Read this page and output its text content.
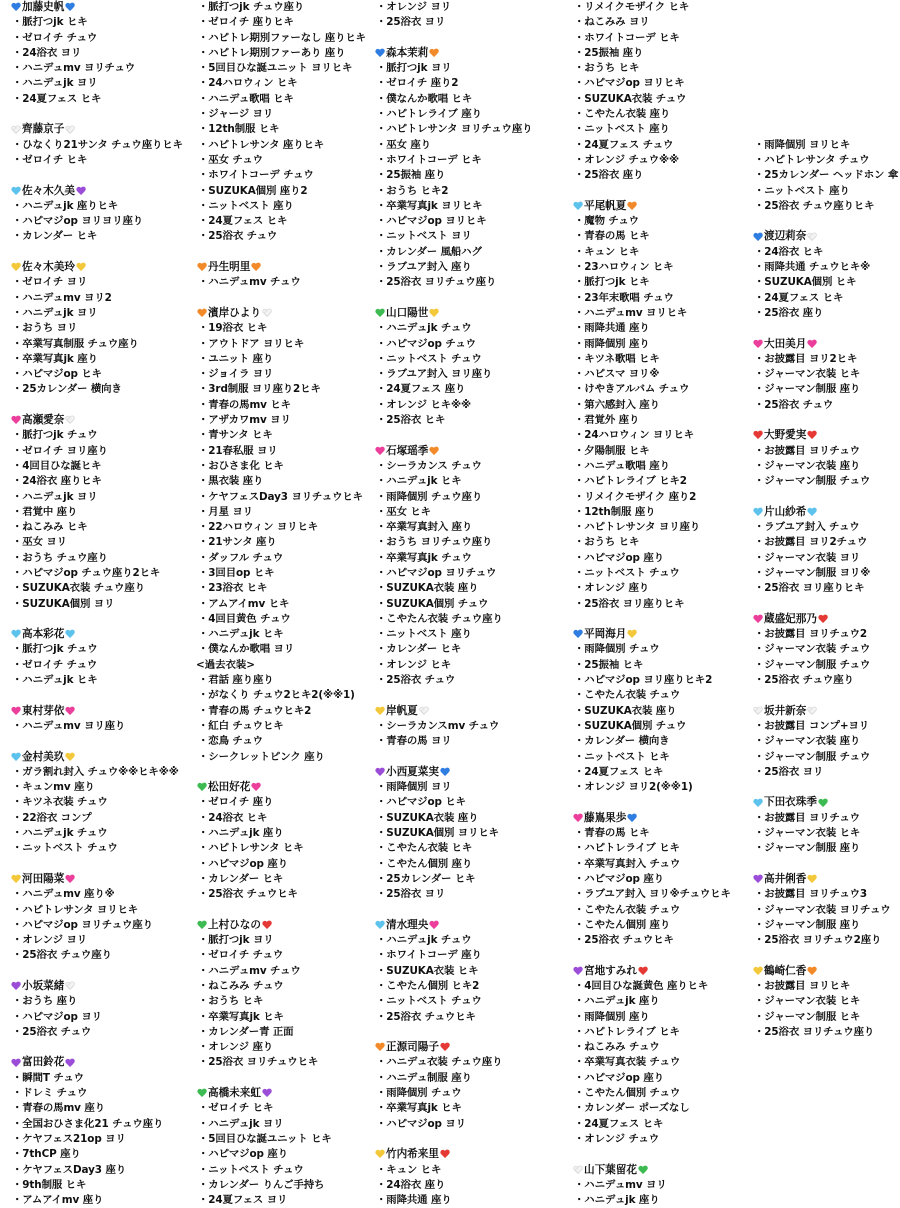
加藤史帆
・脈打つjk ヒキ
・ゼロイチ チュウ
・24浴衣 ヨリ
・ハニデュmv ヨリチュウ
・ハニデュjk ヨリ
・24夏フェス ヒキ
齊藤京子
・ひなくり21サンタ チュウ座りヒキ
・ゼロイチ ヒキ
佐々木久美
・ハニデュjk 座りヒキ
・ハピマジop ヨリヨリ座り
・カレンダー ヒキ
佐々木美玲
・ゼロイチ ヨリ
・ハニデュmv ヨリ2
・ハニデュjk ヨリ
・おうち ヨリ
・卒業写真制服 チュウ座り
・卒業写真jk 座り
・ハピマジop ヒキ
・25カレンダー 横向き
高瀬愛奈
・脈打つjk チュウ
・ゼロイチ ヨリ座り
・4回目ひな誕ヒキ
・24浴衣 座りヒキ
・ハニデュjk ヨリ
・君覚中 座り
・ねこみみ ヒキ
・巫女 ヨリ
・おうち チュウ座り
・ハピマジop チュウ座り2ヒキ
・SUZUKA衣装 チュウ座り
・SUZUKA個別 ヨリ
高本彩花
・脈打つjk チュウ
・ゼロイチ チュウ
・ハニデュjk ヒキ
東村芽依
・ハニデュmv ヨリ座り
金村美玖
・ガラ割れ封入 チュウ※※ヒキ※※
・キュンmv 座り
・キツネ衣装 チュウ
・22浴衣 コンプ
・ハニデュjk チュウ
・ニットベスト チュウ
河田陽菜
・ハニデュmv 座り※
・ハピトレサンタ ヨリヒキ
・ハピマジop ヨリチュウ座り
・オレンジ ヨリ
・25浴衣 チュウ座り
小坂菜緒
・おうち 座り
・ハピマジop ヨリ
・25浴衣 チュウ
富田鈴花
・瞬間T チュウ
・ドレミ チュウ
・青春の馬mv 座り
・全国おひさま化21 チュウ座り
・ケヤフェス21op ヨリ
・7thCP 座り
・ケヤフェスDay3 座り
・9th制服 ヒキ
・アムアイmv 座り
・脈打つjk チュウ座り
・ゼロイチ 座りヒキ
・ハピトレ期別ファーなし 座りヒキ
・ハピトレ期別ファーあり 座り
・5回目ひな誕ユニット ヨリヒキ
・24ハロウィン ヒキ
・ハニデュ歌唱 ヒキ
・ジャージ ヨリ
・12th制服 ヒキ
・ハピトレサンタ 座りヒキ
・巫女 チュウ
・ホワイトコーデ チュウ
・SUZUKA個別 座り2
・ニットベスト 座り
・24夏フェス ヒキ
・25浴衣 チュウ
丹生明里
・ハニデュmv チュウ
濱岸ひより
・19浴衣 ヒキ
・アウトドア ヨリヒキ
・ユニット 座り
・ジョイラ ヨリ
・3rd制服 ヨリ座り2ヒキ
・青春の馬mv ヒキ
・アザカワmv ヨリ
・青サンタ ヒキ
・21春私服 ヨリ
・おひさま化 ヒキ
・黒衣装 座り
・ケヤフェスDay3 ヨリチュウヒキ
・月星 ヨリ
・22ハロウィン ヨリヒキ
・21サンタ 座り
・ダッフル チュウ
・3回目op ヒキ
・23浴衣 ヒキ
・アムアイmv ヒキ
・4回目黄色 チュウ
・ハニデュjk ヒキ
・僕なんか歌唱 ヨリ
<過去衣装>
・君話 座り座り
・がなくり チュウ2ヒキ2(※※1)
・青春の馬 チュウヒキ2
・紅白 チュウヒキ
・恋鳥 チュウ
・シークレットピンク 座り
松田好花
・ゼロイチ 座り
・24浴衣 ヒキ
・ハニデュjk 座り
・ハピトレサンタ ヒキ
・ハピマジop 座り
・カレンダー ヒキ
・25浴衣 チュウヒキ
上村ひなの
・脈打つjk ヨリ
・ゼロイチ チュウ
・ハニデュmv チュウ
・ねこみみ チュウ
・おうち ヒキ
・卒業写真jk ヒキ
・カレンダー青 正面
・オレンジ 座り
・25浴衣 ヨリチュウヒキ
高橋未来虹
・ゼロイチ ヒキ
・ハニデュjk ヨリ
・5回目ひな誕ユニット ヒキ
・ハピマジop 座り
・ニットベスト チュウ
・カレンダー りんご手持ち
・24夏フェス ヨリ
・オレンジ ヨリ
・25浴衣 ヨリ
森本茉莉
・脈打つjk ヨリ
・ゼロイチ 座り2
・僕なんか歌唱 ヒキ
・ハピトレライブ 座り
・ハピトレサンタ ヨリチュウ座り
・巫女 座り
・ホワイトコーデ ヒキ
・25振袖 座り
・おうち ヒキ2
・卒業写真jk ヨリヒキ
・ハピマジop ヨリヒキ
・ニットベスト ヨリ
・カレンダー 風船ハグ
・ラブユア封入 座り
・25浴衣 ヨリチュウ座り
山口陽世
・ハニデュjk チュウ
・ハピマジop チュウ
・ニットベスト チュウ
・ラブユア封入 ヨリ座り
・24夏フェス 座り
・オレンジ ヒキ※※
・25浴衣 ヒキ
石塚瑶季
・シーラカンス チュウ
・ハニデュjk ヒキ
・雨降個別 チュウ座り
・巫女 ヒキ
・卒業写真封入 座り
・おうち ヨリチュウ座り
・卒業写真jk チュウ
・ハピマジop ヨリチュウ
・SUZUKA衣装 座り
・SUZUKA個別 チュウ
・こやたん衣装 チュウ座り
・ニットベスト 座り
・カレンダー ヒキ
・オレンジ ヒキ
・25浴衣 チュウ
岸帆夏
・シーラカンスmv チュウ
・青春の馬 ヨリ
小西夏菜実
・雨降個別 ヨリ
・ハピマジop ヒキ
・SUZUKA衣装 座り
・SUZUKA個別 ヨリヒキ
・こやたん衣装 ヒキ
・こやたん個別 座り
・25カレンダー ヒキ
・25浴衣 ヨリ
清水理央
・ハニデュjk チュウ
・ホワイトコーデ 座り
・SUZUKA衣装 ヒキ
・こやたん個別 ヒキ2
・ニットベスト チュウ
・25浴衣 チュウヒキ
正源司陽子
・ハニデュ衣装 チュウ座り
・ハニデュ制服 座り
・雨降個別 チュウ
・卒業写真jk ヒキ
・ハピマジop ヨリ
竹内希来里
・キュン ヒキ
・24浴衣 座り
・雨降共通 座り
・リメイクモザイク ヒキ
・ねこみみ ヨリ
・ホワイトコーデ ヒキ
・25振袖 座り
・おうち ヒキ
・ハピマジop ヨリヒキ
・SUZUKA衣装 チュウ
・こやたん衣装 座り
・ニットベスト 座り
・24夏フェス チュウ
・オレンジ チュウ※※
・25浴衣 座り
平尾帆夏
・魔物 チュウ
・青春の馬 ヒキ
・キュン ヒキ
・23ハロウィン ヒキ
・脈打つjk ヒキ
・23年末歌唱 チュウ
・ハニデュmv ヨリヒキ
・雨降共通 座り
・雨降個別 座り
・キツネ歌唱 ヒキ
・ハピスマ ヨリ※
・けやきアルバム チュウ
・第六感封入 座り
・君覚外 座り
・24ハロウィン ヨリヒキ
・夕陽制服 ヒキ
・ハニデュ歌唱 座り
・ハピトレライブ ヒキ2
・リメイクモザイク 座り2
・12th制服 座り
・ハピトレサンタ ヨリ座り
・おうち ヒキ
・ハピマジop 座り
・ニットベスト チュウ
・オレンジ 座り
・25浴衣 ヨリ座りヒキ
平岡海月
・雨降個別 チュウ
・25振袖 ヒキ
・ハピマジop ヨリ座りヒキ2
・こやたん衣装 チュウ
・SUZUKA衣装 座り
・SUZUKA個別 チュウ
・カレンダー 横向き
・ニットベスト ヒキ
・24夏フェス ヒキ
・オレンジ ヨリ2(※※1)
藤嶌果歩
・青春の馬 ヒキ
・ハピトレライブ ヒキ
・卒業写真封入 チュウ
・ハピマジop 座り
・ラブユア封入 ヨリ※チュウヒキ
・こやたん衣装 チュウ
・こやたん個別 座り
・25浴衣 チュウヒキ
宮地すみれ
・4回目ひな誕黄色 座りヒキ
・ハニデュjk 座り
・雨降個別 座り
・ハピトレライブ ヒキ
・ねこみみ チュウ
・卒業写真衣装 チュウ
・ハピマジop 座り
・こやたん個別 チュウ
・カレンダー ポーズなし
・24夏フェス ヒキ
・オレンジ チュウ
山下葉留花
・ハニデュmv ヨリ
・ハニデュjk 座り
・雨降個別 ヨリヒキ
・ハピトレサンタ チュウ
・25カレンダー ヘッドホン 傘
・ニットベスト 座り
・25浴衣 チュウ座りヒキ
渡辺莉奈
・24浴衣 ヒキ
・雨降共通 チュウヒキ※
・SUZUKA個別 ヒキ
・24夏フェス ヒキ
・25浴衣 座り
大田美月
・お披露目 ヨリ2ヒキ
・ジャーマン衣装 ヒキ
・ジャーマン制服 座り
・25浴衣 チュウ
大野愛実
・お披露目 ヨリチュウ
・ジャーマン衣装 座り
・ジャーマン制服 チュウ
片山紗希
・ラブユア封入 チュウ
・お披露目 ヨリ2チュウ
・ジャーマン衣装 ヨリ
・ジャーマン制服 ヨリ※
・25浴衣 ヨリ座りヒキ
蔵盛妃那乃
・お披露目 ヨリチュウ2
・ジャーマン衣装 チュウ
・ジャーマン制服 チュウ
・25浴衣 チュウ座り
坂井新奈
・お披露目 コンプ+ヨリ
・ジャーマン衣装 座り
・ジャーマン制服 チュウ
・25浴衣 ヨリ
下田衣珠季
・お披露目 ヨリチュウ
・ジャーマン衣装 ヒキ
・ジャーマン制服 座り
高井俐香
・お披露目 ヨリチュウ3
・ジャーマン衣装 ヨリチュウ
・ジャーマン制服 座り
・25浴衣 ヨリチュウ2座り
鶴崎仁香
・お披露目 ヨリヒキ
・ジャーマン衣装 ヒキ
・ジャーマン制服 ヒキ
・25浴衣 ヨリチュウ座り
